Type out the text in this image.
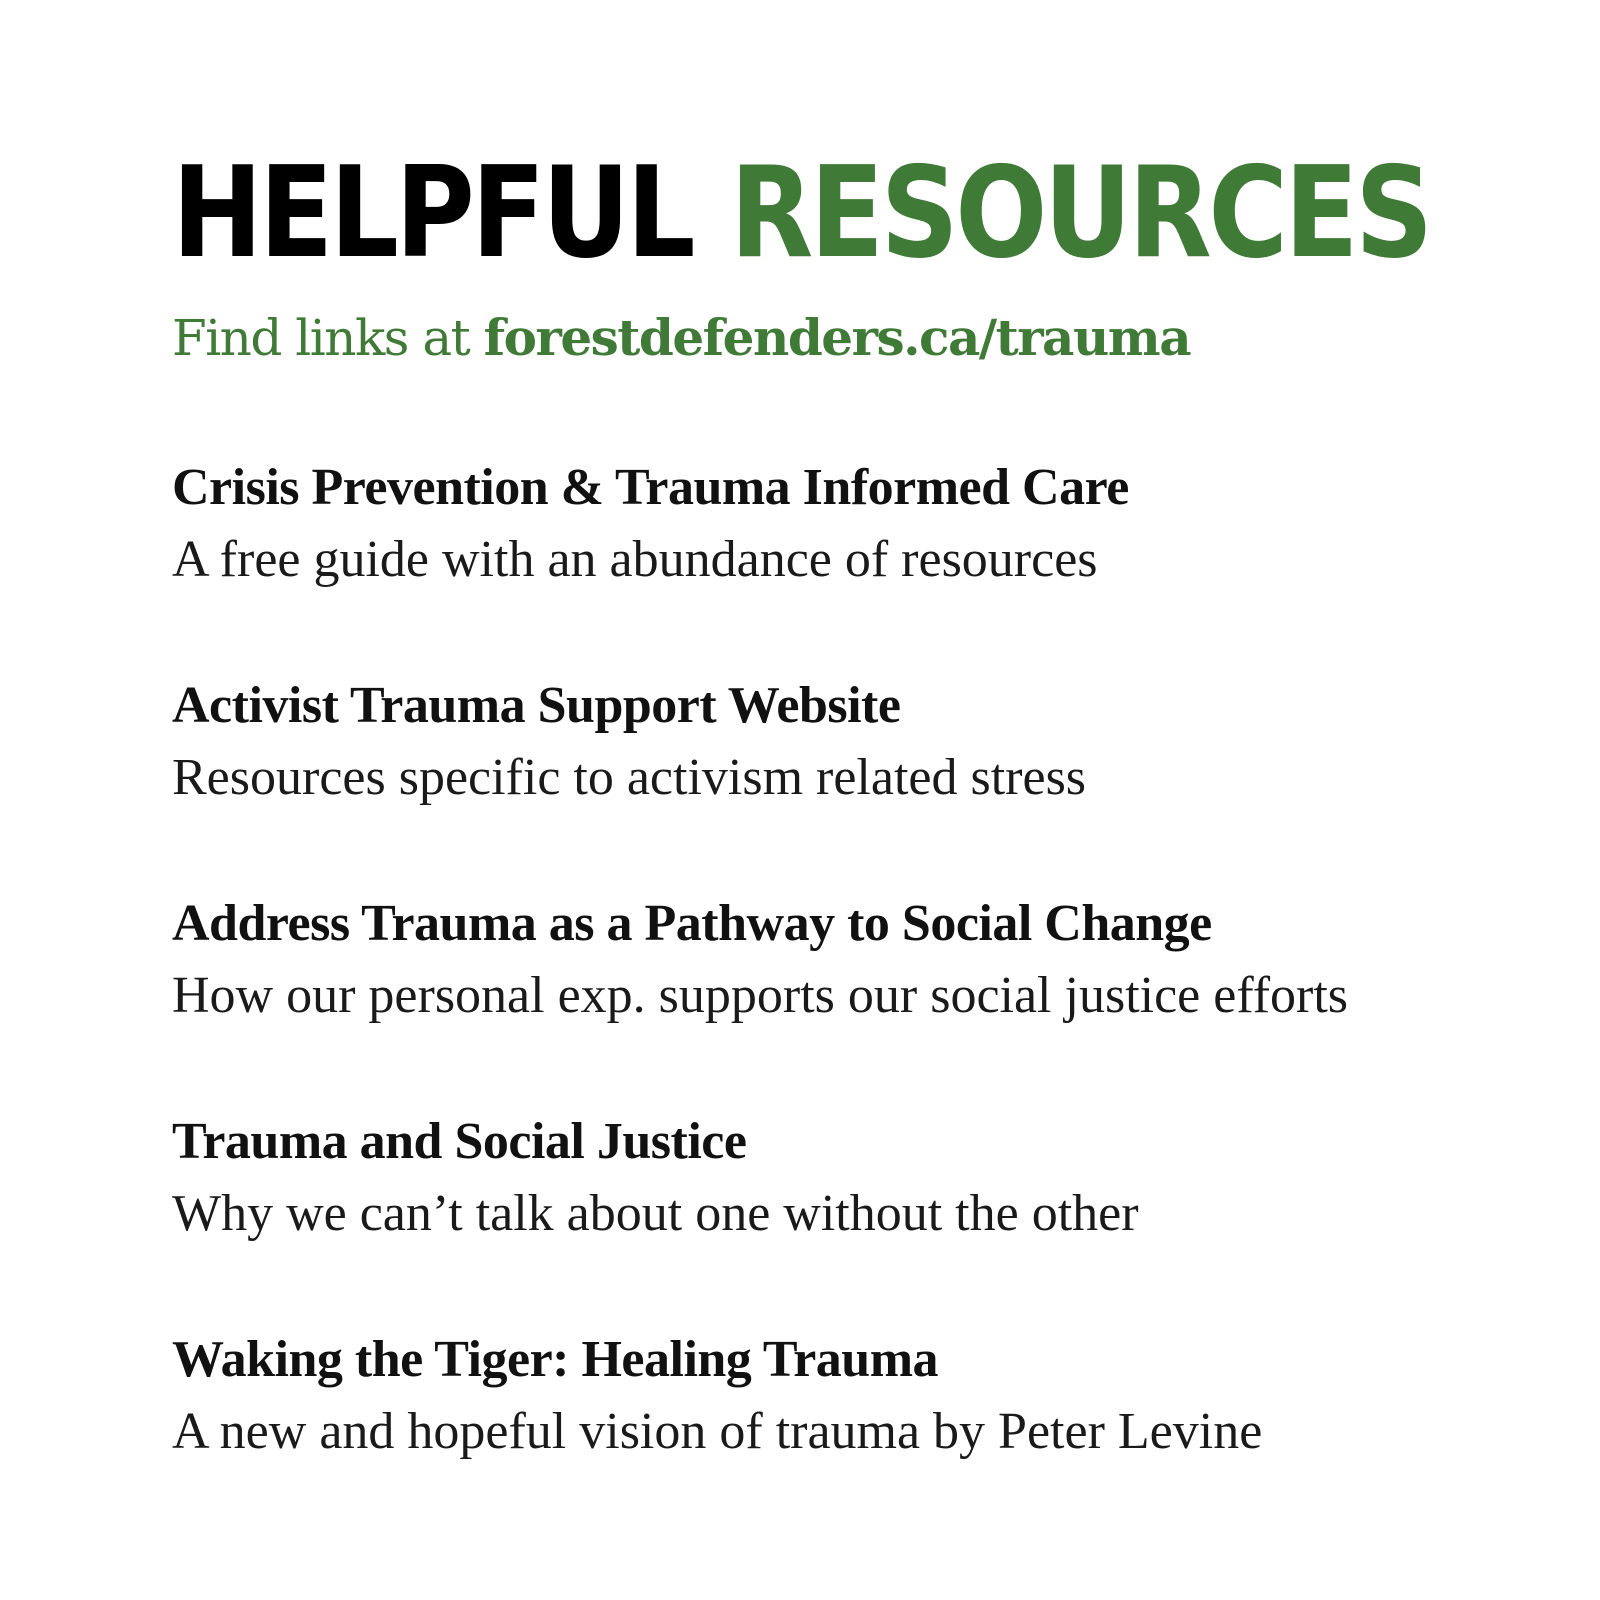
HELPFUL RESOURCES
Find links at forestdefenders.ca/trauma
Crisis Prevention & Trauma Informed Care
A free guide with an abundance of resources
Activist Trauma Support Website
Resources specific to activism related stress
Address Trauma as a Pathway to Social Change
How our personal exp. supports our social justice efforts
Trauma and Social Justice
Why we can’t talk about one without the other
Waking the Tiger: Healing Trauma
A new and hopeful vision of trauma by Peter Levine
